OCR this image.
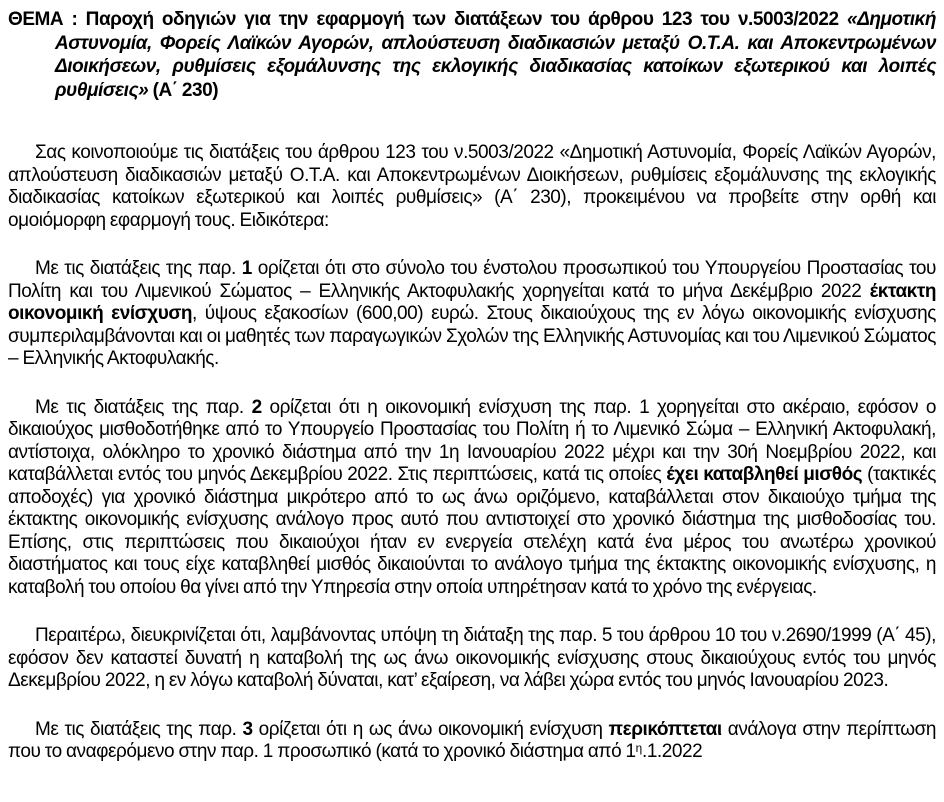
ΘΕΜΑ : Παροχή οδηγιών για την εφαρμογή των διατάξεων του άρθρου 123 του ν.5003/2022 «Δημοτική Αστυνομία, Φορείς Λαϊκών Αγορών, απλούστευση διαδικασιών μεταξύ Ο.Τ.Α. και Αποκεντρωμένων Διοικήσεων, ρυθμίσεις εξομάλυνσης της εκλογικής διαδικασίας κατοίκων εξωτερικού και λοιπές ρυθμίσεις» (Α΄ 230)

Σας κοινοποιούμε τις διατάξεις του άρθρου 123 του ν.5003/2022 «Δημοτική Αστυνομία, Φορείς Λαϊκών Αγορών, απλούστευση διαδικασιών μεταξύ Ο.Τ.Α. και Αποκεντρωμένων Διοικήσεων, ρυθμίσεις εξομάλυνσης της εκλογικής διαδικασίας κατοίκων εξωτερικού και λοιπές ρυθμίσεις» (Α΄ 230), προκειμένου να προβείτε στην ορθή και ομοιόμορφη εφαρμογή τους. Ειδικότερα:

Με τις διατάξεις της παρ. 1 ορίζεται ότι στο σύνολο του ένστολου προσωπικού του Υπουργείου Προστασίας του Πολίτη και του Λιμενικού Σώματος – Ελληνικής Ακτοφυλακής χορηγείται κατά το μήνα Δεκέμβριο 2022 έκτακτη οικονομική ενίσχυση, ύψους εξακοσίων (600,00) ευρώ. Στους δικαιούχους της εν λόγω οικονομικής ενίσχυσης συμπεριλαμβάνονται και οι μαθητές των παραγωγικών Σχολών της Ελληνικής Αστυνομίας και του Λιμενικού Σώματος – Ελληνικής Ακτοφυλακής.

Με τις διατάξεις της παρ. 2 ορίζεται ότι η οικονομική ενίσχυση της παρ. 1 χορηγείται στο ακέραιο, εφόσον ο δικαιούχος μισθοδοτήθηκε από το Υπουργείο Προστασίας του Πολίτη ή το Λιμενικό Σώμα – Ελληνική Ακτοφυλακή, αντίστοιχα, ολόκληρο το χρονικό διάστημα από την 1η Ιανουαρίου 2022 μέχρι και την 30ή Νοεμβρίου 2022, και καταβάλλεται εντός του μηνός Δεκεμβρίου 2022. Στις περιπτώσεις, κατά τις οποίες έχει καταβληθεί μισθός (τακτικές αποδοχές) για χρονικό διάστημα μικρότερο από το ως άνω οριζόμενο, καταβάλλεται στον δικαιούχο τμήμα της έκτακτης οικονομικής ενίσχυσης ανάλογο προς αυτό που αντιστοιχεί στο χρονικό διάστημα της μισθοδοσίας του. Επίσης, στις περιπτώσεις που δικαιούχοι ήταν εν ενεργεία στελέχη κατά ένα μέρος του ανωτέρω χρονικού διαστήματος και τους είχε καταβληθεί μισθός δικαιούνται το ανάλογο τμήμα της έκτακτης οικονομικής ενίσχυσης, η καταβολή του οποίου θα γίνει από την Υπηρεσία στην οποία υπηρέτησαν κατά το χρόνο της ενέργειας.

Περαιτέρω, διευκρινίζεται ότι, λαμβάνοντας υπόψη τη διάταξη της παρ. 5 του άρθρου 10 του ν.2690/1999 (Α΄ 45), εφόσον δεν καταστεί δυνατή η καταβολή της ως άνω οικονομικής ενίσχυσης στους δικαιούχους εντός του μηνός Δεκεμβρίου 2022, η εν λόγω καταβολή δύναται, κατ’ εξαίρεση, να λάβει χώρα εντός του μηνός Ιανουαρίου 2023.

Με τις διατάξεις της παρ. 3 ορίζεται ότι η ως άνω οικονομική ενίσχυση περικόπτεται ανάλογα στην περίπτωση που το αναφερόμενο στην παρ. 1 προσωπικό (κατά το χρονικό διάστημα από $1^\eta.1.2022$
